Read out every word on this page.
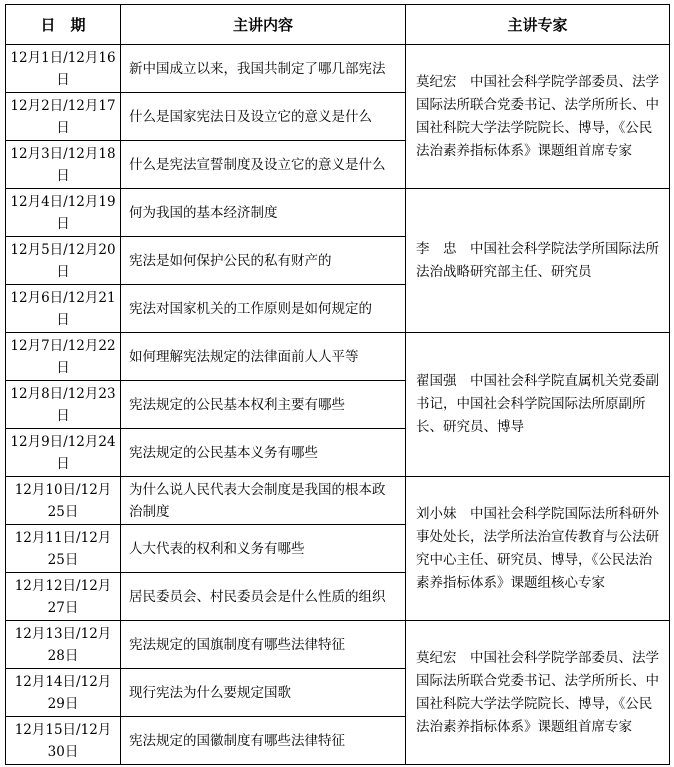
日　期	主讲内容	主讲专家
12月1日/12月16日	新中国成立以来，我国共制定了哪几部宪法	莫纪宏　中国社会科学院学部委员、法学国际法所联合党委书记、法学所所长、中国社科院大学法学院院长、博导，《公民法治素养指标体系》课题组首席专家
12月2日/12月17日	什么是国家宪法日及设立它的意义是什么	
12月3日/12月18日	什么是宪法宣誓制度及设立它的意义是什么	
12月4日/12月19日	何为我国的基本经济制度	李　忠　中国社会科学院法学所国际法所法治战略研究部主任、研究员
12月5日/12月20日	宪法是如何保护公民的私有财产的	
12月6日/12月21日	宪法对国家机关的工作原则是如何规定的	
12月7日/12月22日	如何理解宪法规定的法律面前人人平等	翟国强　中国社会科学院直属机关党委副书记，中国社会科学院国际法所原副所长、研究员、博导
12月8日/12月23日	宪法规定的公民基本权利主要有哪些	
12月9日/12月24日	宪法规定的公民基本义务有哪些	
12月10日/12月25日	为什么说人民代表大会制度是我国的根本政治制度	刘小妹　中国社会科学院国际法所科研外事处处长，法学所法治宣传教育与公法研究中心主任、研究员、博导，《公民法治素养指标体系》课题组核心专家
12月11日/12月25日	人大代表的权利和义务有哪些	
12月12日/12月27日	居民委员会、村民委员会是什么性质的组织	
12月13日/12月28日	宪法规定的国旗制度有哪些法律特征	莫纪宏　中国社会科学院学部委员、法学国际法所联合党委书记、法学所所长、中国社科院大学法学院院长、博导，《公民法治素养指标体系》课题组首席专家
12月14日/12月29日	现行宪法为什么要规定国歌	
12月15日/12月30日	宪法规定的国徽制度有哪些法律特征	
